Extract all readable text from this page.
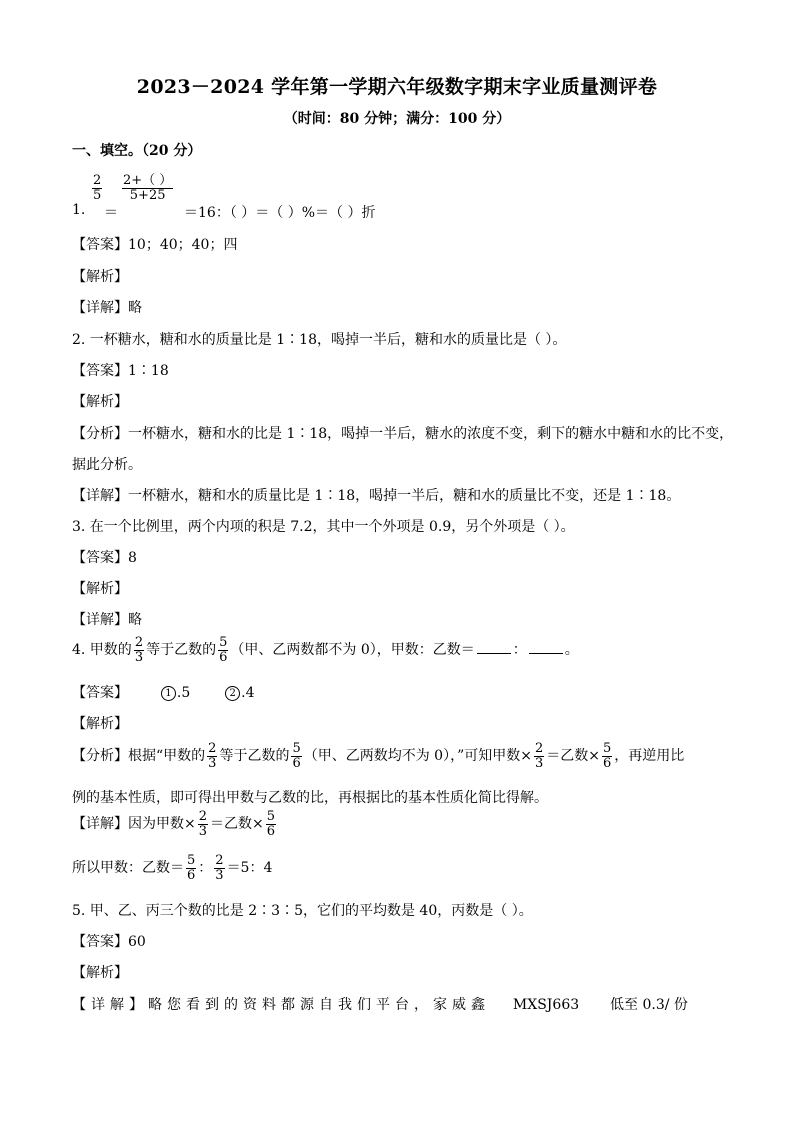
2023－2024 学年第一学期六年级数字期末字业质量测评卷
（时间：80 分钟；满分：100 分）
一、填空。（20 分）
$\frac{2}{5} \frac{2+( )}{5+25}$
1. ＝	＝16：（ ）＝（ ）%＝（ ）折
【答案】10；40；40；四
【解析】
【详解】略
2. 一杯糖水，糖和水的质量比是 1∶18，喝掉一半后，糖和水的质量比是（ ）。
【答案】1∶18
【解析】
【分析】一杯糖水，糖和水的比是 1∶18，喝掉一半后，糖水的浓度不变，剩下的糖水中糖和水的比不变，
据此分析。
【详解】一杯糖水，糖和水的质量比是 1∶18，喝掉一半后，糖和水的质量比不变，还是 1∶18。
3. 在一个比例里，两个内项的积是 7.2，其中一个外项是 0.9，另个外项是（ ）。
【答案】8
【解析】
【详解】略
4. 甲数的 $\frac{2}{3}$ 等于乙数的 $\frac{5}{6}$ （甲、乙两数都不为 0），甲数：乙数＝	：	。
【答案】	1 .5	2 .4
【解析】
【分析】根据“甲数的 $\frac{2}{3}$ 等于乙数的 $\frac{5}{6}$ （甲、乙两数均不为 0），”可知甲数× $\frac{2}{3}$ ＝乙数× $\frac{5}{6}$ ，再逆用比
例的基本性质，即可得出甲数与乙数的比，再根据比的基本性质化简比得解。
【详解】因为甲数× $\frac{2}{3}$ ＝乙数× $\frac{5}{6}$
所以甲数：乙数＝ $\frac{5}{6}$ ： $\frac{2}{3} =5$：4
5. 甲、乙、丙三个数的比是 2∶3∶5，它们的平均数是 40，丙数是（ ）。
【答案】60
【解析】
【详解】略您看到的资料都源自我们平台，家威鑫 MXSJ663 低至 0.3/ 份
